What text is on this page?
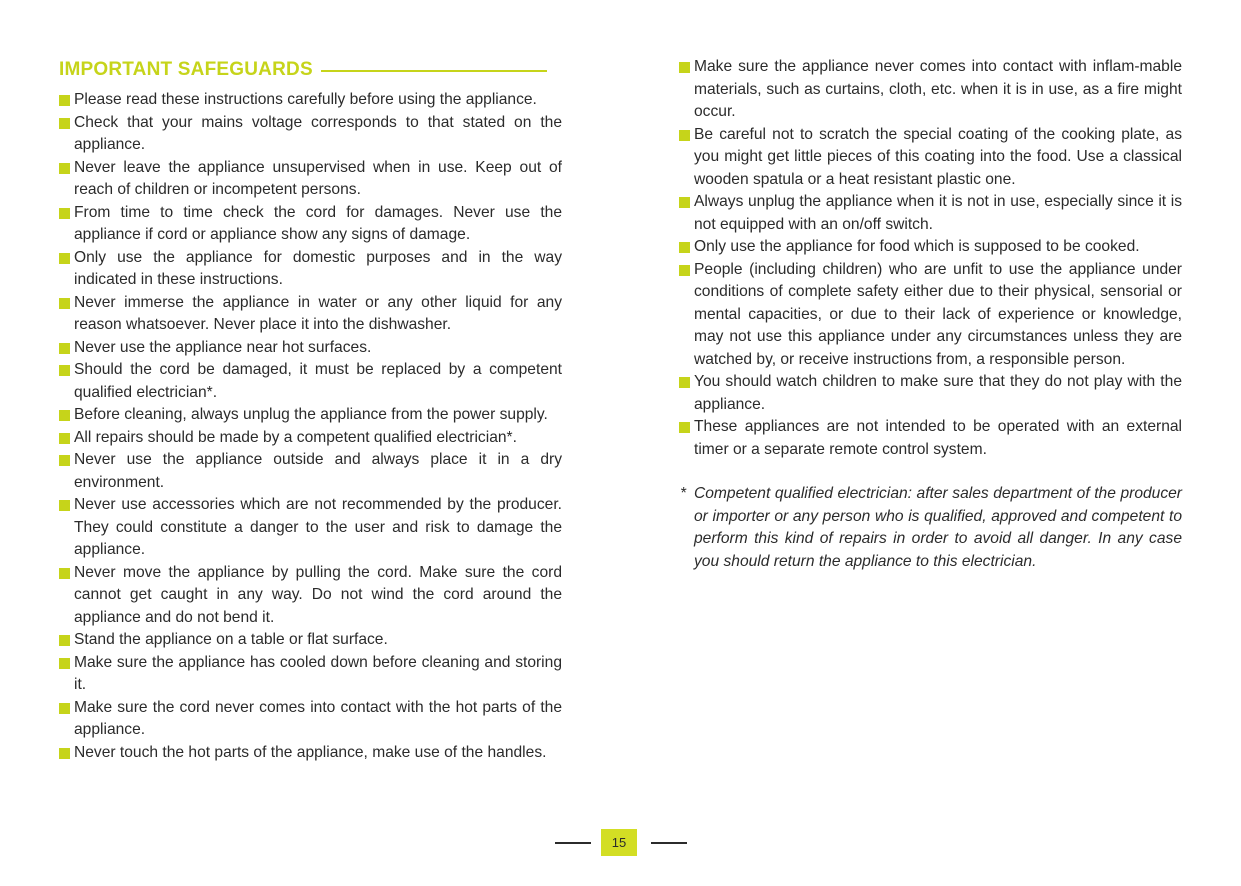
IMPORTANT SAFEGUARDS
Please read these instructions carefully before using the appliance.
Check that your mains voltage corresponds to that stated on the appliance.
Never leave the appliance unsupervised when in use. Keep out of reach of children or incompetent persons.
From time to time check the cord for damages. Never use the appliance if cord or appliance show any signs of damage.
Only use the appliance for domestic purposes and in the way indicated in these instructions.
Never immerse the appliance in water or any other liquid for any reason whatsoever. Never place it into the dishwasher.
Never use the appliance near hot surfaces.
Should the cord be damaged, it must be replaced by a competent qualified electrician*.
Before cleaning, always unplug the appliance from the power supply.
All repairs should be made by a competent qualified electrician*.
Never use the appliance outside and always place it in a dry environment.
Never use accessories which are not recommended by the producer. They could constitute a danger to the user and risk to damage the appliance.
Never move the appliance by pulling the cord. Make sure the cord cannot get caught in any way. Do not wind the cord around the appliance and do not bend it.
Stand the appliance on a table or flat surface.
Make sure the appliance has cooled down before cleaning and storing it.
Make sure the cord never comes into contact with the hot parts of the appliance.
Never touch the hot parts of the appliance, make use of the handles.
Make sure the appliance never comes into contact with inflam-mable materials, such as curtains, cloth, etc. when it is in use, as a fire might occur.
Be careful not to scratch the special coating of the cooking plate, as you might get little pieces of this coating into the food. Use a classical wooden spatula or a heat resistant plastic one.
Always unplug the appliance when it is not in use, especially since it is not equipped with an on/off switch.
Only use the appliance for food which is supposed to be cooked.
People (including children) who are unfit to use the appliance under conditions of complete safety either due to their physical, sensorial or mental capacities, or due to their lack of experience or knowledge, may not use this appliance under any circumstances unless they are watched by, or receive instructions from, a responsible person.
You should watch children to make sure that they do not play with the appliance.
These appliances are not intended to be operated with an external timer or a separate remote control system.
* Competent qualified electrician: after sales department of the producer or importer or any person who is qualified, approved and competent to perform this kind of repairs in order to avoid all danger. In any case you should return the appliance to this electrician.
15
